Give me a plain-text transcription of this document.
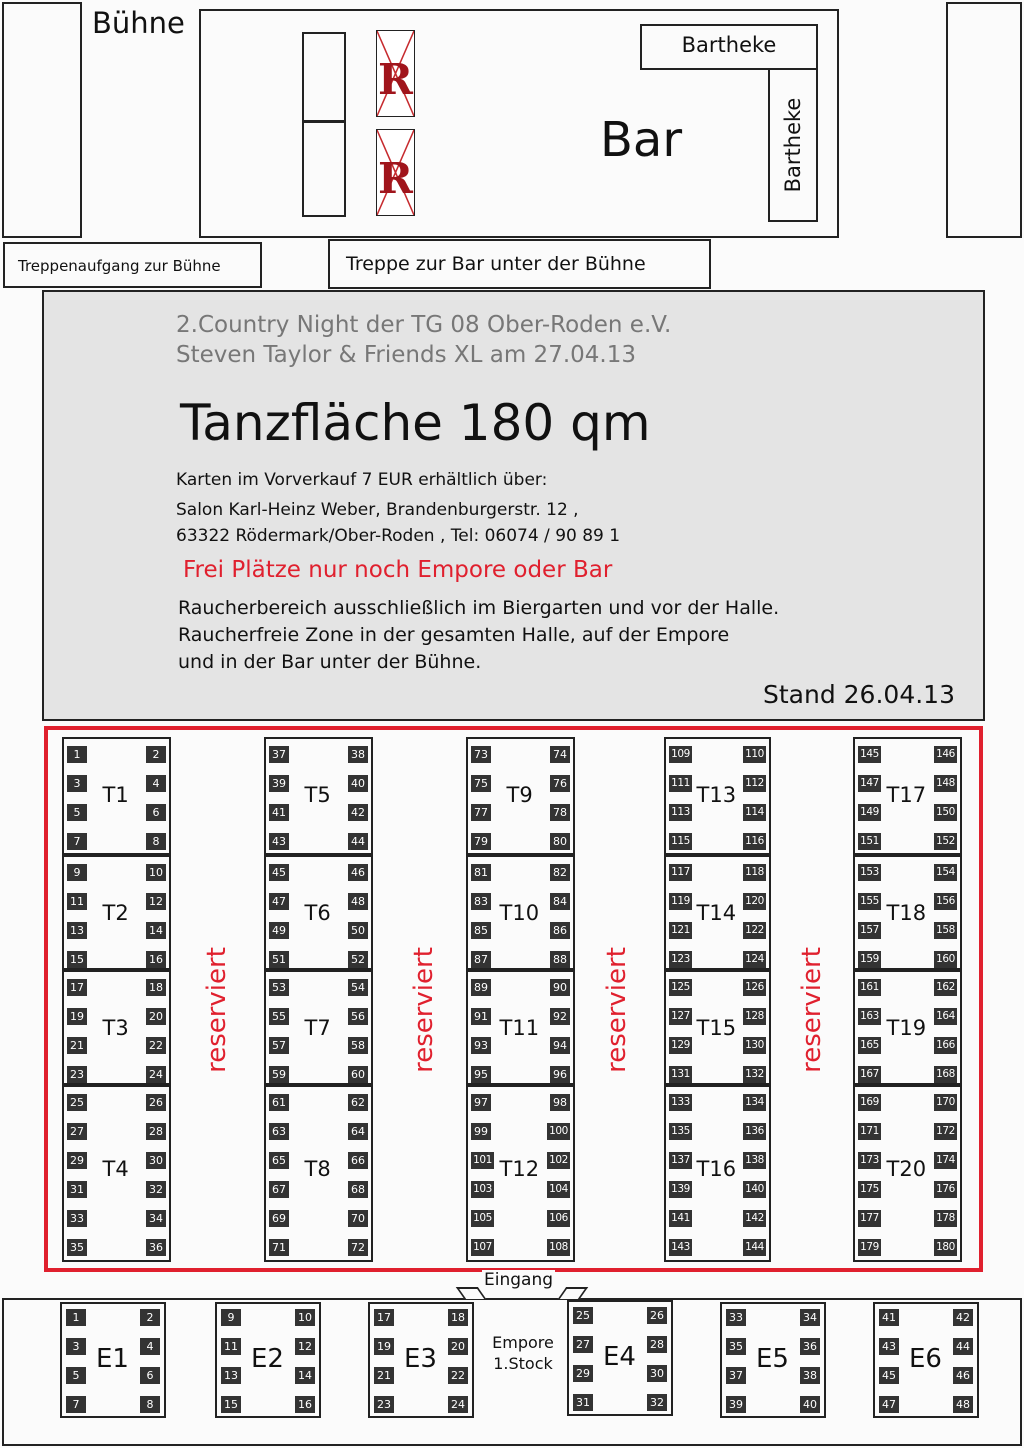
Bühne
R
R
Bartheke
Bartheke
Bar
Treppenaufgang zur Bühne	Treppe zur Bar unter der Bühne
2.Country Night der TG 08 Ober-Roden e.V.
Steven Taylor & Friends XL am 27.04.13
Tanzfläche 180 qm
Karten im Vorverkauf 7 EUR erhältlich über:
Salon Karl-Heinz Weber, Brandenburgerstr. 12 ,
63322 Rödermark/Ober-Roden , Tel: 06074 / 90 89 1
Frei Plätze nur noch Empore oder Bar
Raucherbereich ausschließlich im Biergarten und vor der Halle.
Raucherfreie Zone in der gesamten Halle, auf der Empore
und in der Bar unter der Bühne.
Stand 26.04.13
1
3
5
7
2
4
6
8
T1
9
11
13
15
10
12
14
16
T2
17
19
21
23
18
20
22
24
T3
25
27
29
31
33
35
26
28
30
32
34
36
T4
37
39
41
43
38
40
42
44
T5
45
47
49
51
46
48
50
52
T6
53
55
57
59
54
56
58
60
T7
61
63
65
67
69
71
62
64
66
68
70
72
T8
73
75
77
79
74
76
78
80
T9
81
83
85
87
82
84
86
88
T10
89
91
93
95
90
92
94
96
T11
97
99
101
103
105
107
98
100
102
104
106
108
T12
109
111
113
115
110
112
114
116
T13
117
119
121
123
118
120
122
124
T14
125
127
129
131
126
128
130
132
T15
133
135
137
139
141
143
134
136
138
140
142
144
T16
145
147
149
151
146
148
150
152
T17
153
155
157
159
154
156
158
160
T18
161
163
165
167
162
164
166
168
T19
169
171
173
175
177
179
170
172
174
176
178
180
T20
reserviert	reserviert	reserviert	reserviert
Eingang
Empore
1.Stock
1
3
5
7
2
4
6
8
E1
9
11
13
15
10
12
14
16
E2
17
19
21
23
18
20
22
24
E3
25
27
29
31
26
28
30
32
E4
33
35
37
39
34
36
38
40
E5
41
43
45
47
42
44
46
48
E6
